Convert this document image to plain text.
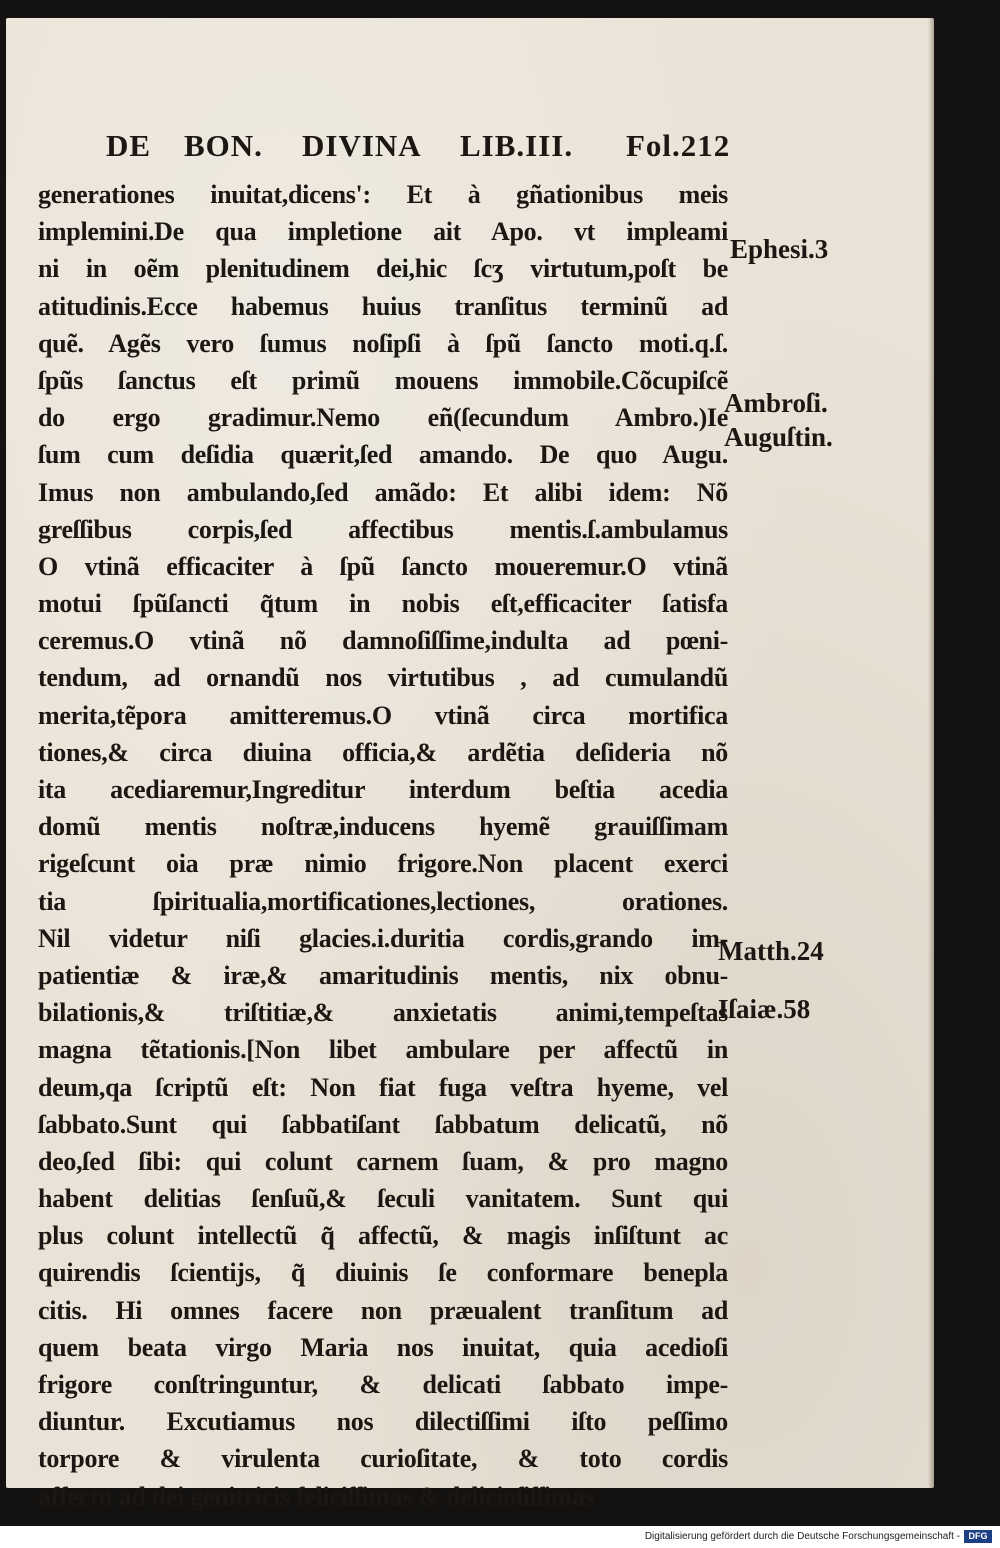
DE BON. DIVINA LIB.III. Fol.212
generationes inuitat,dicens': Et à gñationibus meis
implemini.De qua impletione ait Apo. vt impleami
ni in oẽm plenitudinem dei,hic ſcʒ virtutum,poſt be
atitudinis.Ecce habemus huius tranſitus terminũ ad
quẽ. Agẽs vero ſumus noſipſi à ſpũ ſancto moti.q.ſ.
ſpũs ſanctus eſt primũ mouens immobile.Cõcupiſcẽ
do ergo gradimur.Nemo eñ(ſecundum Ambro.)Ie
ſum cum deſidia quærit,ſed amando. De quo Augu.
Imus non ambulando,ſed amãdo: Et alibi idem: Nõ
greſſibus corpis,ſed affectibus mentis.ſ.ambulamus
O vtinã efficaciter à ſpũ ſancto moueremur.O vtinã
motui ſpũſancti q̃tum in nobis eſt,efficaciter ſatisfa
ceremus.O vtinã nõ damnoſiſſime,indulta ad pœni-
tendum, ad ornandũ nos virtutibus , ad cumulandũ
merita,tẽpora amitteremus.O vtinã circa mortifica
tiones,& circa diuina officia,& ardẽtia deſideria nõ
ita acediaremur,Ingreditur interdum beſtia acedia
domũ mentis noſtræ,inducens hyemẽ grauiſſimam
rigeſcunt oia præ nimio frigore.Non placent exerci
tia ſpiritualia,mortificationes,lectiones, orationes.
Nil videtur niſi glacies.i.duritia cordis,grando im-
patientiæ & iræ,& amaritudinis mentis, nix obnu-
bilationis,& triſtitiæ,& anxietatis animi,tempeſtas
magna tẽtationis.[Non libet ambulare per affectũ in
deum,qa ſcriptũ eſt: Non fiat fuga veſtra hyeme, vel
ſabbato.Sunt qui ſabbatiſant ſabbatum delicatũ, nõ
deo,ſed ſibi: qui colunt carnem ſuam, & pro magno
habent delitias ſenſuũ,& ſeculi vanitatem. Sunt qui
plus colunt intellectũ q̃ affectũ, & magis inſiſtunt ac
quirendis ſcientijs, q̃ diuinis ſe conformare benepla
citis. Hi omnes facere non præualent tranſitum ad
quem beata virgo Maria nos inuitat, quia acedioſi
frigore conſtringuntur, & delicati ſabbato impe-
diuntur. Excutiamus nos dilectiſſimi iſto peſſimo
torpore & virulenta curioſitate, & toto cordis
affectu ad dei genitricis feliciſſimas & delicioſiſſimas
Ephesi.3
Ambroſi.
Auguſtin.
Matth.24
Iſaiæ.58
Digitalisierung gefördert durch die Deutsche Forschungsgemeinschaft - DFG
